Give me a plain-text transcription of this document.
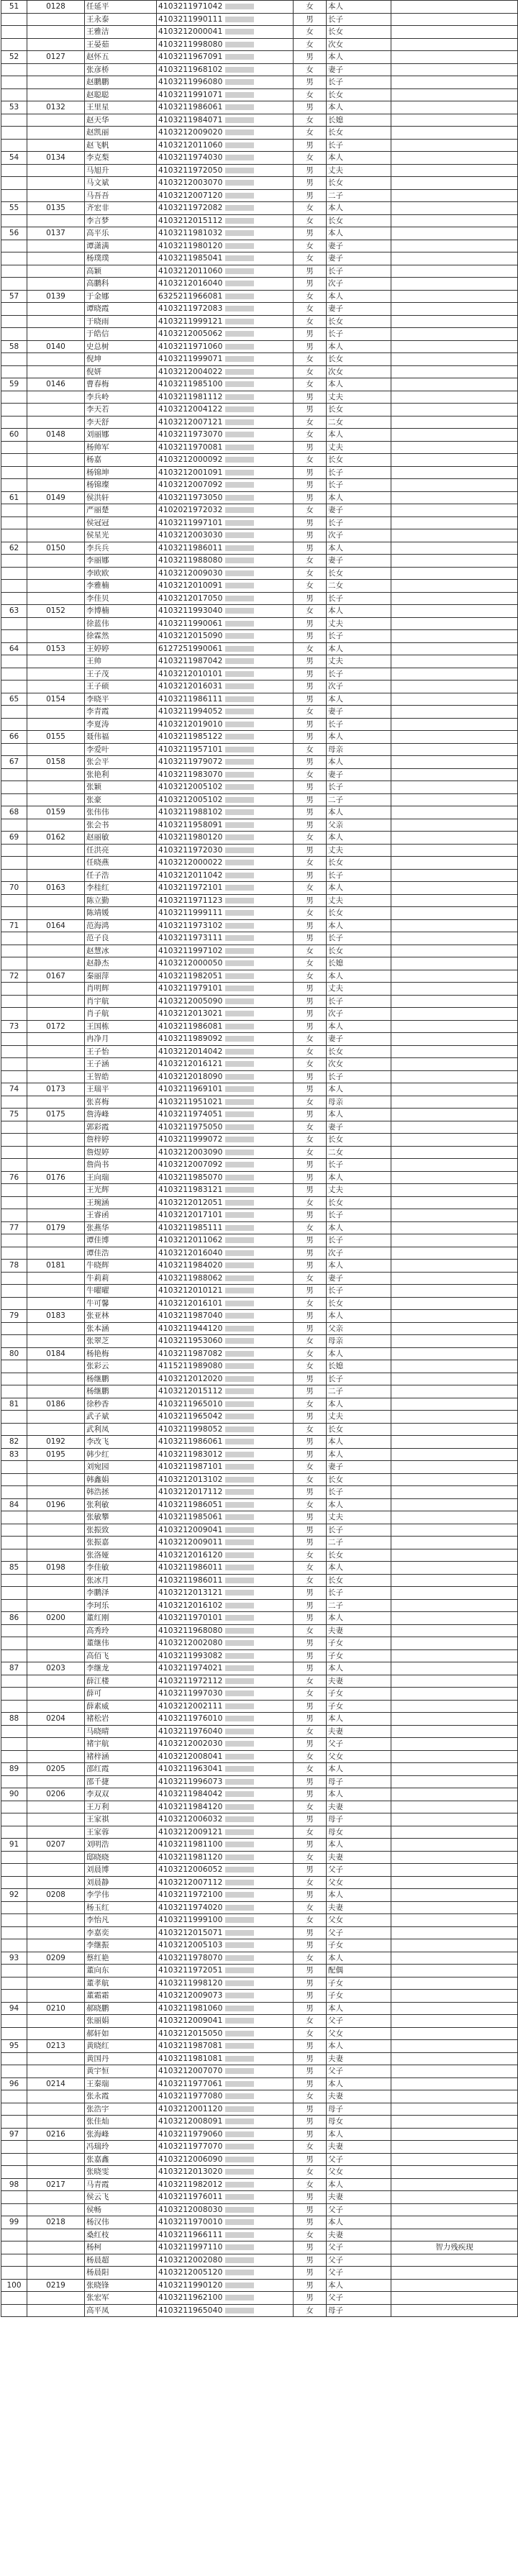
51	0128	任延平	4103211971042	女	本人	
		王永泰	4103211990111	男	长子	
		王雅洁	4103212000041	女	长女	
		王晏茹	4103211998080	女	次女	
52	0127	赵怀五	4103211967091	男	本人	
		张彦桥	4103211968102	女	妻子	
		赵鹏鹏	4103211996080	男	长子	
		赵聪聪	4103211991071	女	长女	
53	0132	王里星	4103211986061	男	本人	
		赵天华	4103211984071	女	长媳	
		赵凯丽	4103212009020	女	长女	
		赵飞帆	4103212011060	男	长子	
54	0134	李克梨	4103211974030	女	本人	
		马旭升	4103211972050	男	丈夫	
		马文斌	4103212003070	男	长女	
		马吾吾	4103212007120	男	二子	
55	0135	齐宏非	4103211972082	女	本人	
		李言梦	4103212015112	女	长女	
56	0137	高平乐	4103211981032	男	本人	
		谭潇满	4103211980120	女	妻子	
		杨璞璞	4103211985041	女	妻子	
		高颖	4103212011060	男	长子	
		高鹏科	4103212016040	男	次子	
57	0139	于金娜	6325211966081	女	本人	
		谭晓霞	4103211972083	女	妻子	
		于晓雨	4103211999121	女	长女	
		于皓信	4103212005062	男	长子	
58	0140	史总树	4103211971060	男	本人	
		倪坤	4103211999071	女	长女	
		倪妍	4103212004022	女	次女	
59	0146	曹春梅	4103211985100	女	本人	
		李兵岭	4103211981112	男	丈夫	
		李天若	4103212004122	男	长女	
		李天舒	4103212007121	女	二女	
60	0148	刘丽娜	4103211973070	女	本人	
		杨帅军	4103211970081	男	丈夫	
		杨嘉	4103212000092	女	长女	
		杨锦坤	4103212001091	男	长子	
		杨锦璨	4103212007092	男	长子	
61	0149	侯洪轩	4103211973050	男	本人	
		严丽楚	4102021972032	女	妻子	
		侯冠冠	4103211997101	男	长子	
		侯星光	4103212003030	男	次子	
62	0150	李兵兵	4103211986011	男	本人	
		李丽娜	4103211988080	女	妻子	
		李欧欧	4103212009030	女	长女	
		李雅楠	4103212010091	女	二女	
		李佳贝	4103212017050	男	长子	
63	0152	李博楠	4103211993040	女	本人	
		徐蓝伟	4103211990061	男	丈夫	
		徐霖然	4103212015090	男	长子	
64	0153	王婷婷	6127251990061	女	本人	
		王帅	4103211987042	男	丈夫	
		王子茂	4103212010101	男	长子	
		王子硕	4103212016031	男	次子	
65	0154	李晓平	4103211986111	男	本人	
		李青霞	4103211994052	女	妻子	
		李夏涛	4103212019010	男	长子	
66	0155	聂伟福	4103211985122	男	本人	
		李爱叶	4103211957101	女	母亲	
67	0158	张会平	4103211979072	男	本人	
		张艳利	4103211983070	女	妻子	
		张颖	4103212005102	男	长子	
		张豪	4103212005102	男	二子	
68	0159	张伟伟	4103211988102	男	本人	
		张会书	4103211958091	男	父亲	
69	0162	赵丽敏	4103211980120	女	本人	
		任洪亮	4103211972030	男	丈夫	
		任晓燕	4103212000022	女	长女	
		任子浩	4103212011042	男	长子	
70	0163	李桂红	4103211972101	女	本人	
		陈立勤	4103211971123	男	丈夫	
		陈靖媛	4103211999111	女	长女	
71	0164	范海鸿	4103211973102	男	本人	
		范子良	4103211973111	男	长子	
		赵慧冰	4103211997102	女	长女	
		赵静杰	4103212000050	女	长媳	
72	0167	秦丽萍	4103211982051	女	本人	
		肖明辉	4103211979101	男	丈夫	
		肖宇航	4103212005090	男	长子	
		肖子航	4103212013021	男	次子	
73	0172	王国栋	4103211986081	男	本人	
		冉净月	4103211989092	女	妻子	
		王子怡	4103212014042	女	长女	
		王子涵	4103212016121	女	次女	
		王智皓	4103212018090	男	长子	
74	0173	王瑞平	4103211969101	男	本人	
		张喜梅	4103211951021	女	母亲	
75	0175	詹涛峰	4103211974051	男	本人	
		郭彩霞	4103211975050	女	妻子	
		詹梓婷	4103211999072	女	长女	
		詹煜婷	4103212003090	女	二女	
		詹尚书	4103212007092	男	长子	
76	0176	王向瑞	4103211985070	男	本人	
		王光辉	4103211983121	男	丈夫	
		王琬涵	4103212012051	女	长女	
		王睿函	4103212017101	男	长子	
77	0179	张燕华	4103211985111	女	本人	
		谭佳博	4103212011062	男	长子	
		谭佳浩	4103212016040	男	次子	
78	0181	牛晓辉	4103211984020	男	本人	
		牛莉莉	4103211988062	女	妻子	
		牛曜曜	4103212010121	男	长子	
		牛可馨	4103212016101	女	长女	
79	0183	张亚林	4103211987040	男	本人	
		张本涵	4103211944120	男	父亲	
		张翠芝	4103211953060	女	母亲	
80	0184	杨艳梅	4103211987082	女	本人	
		张彩云	4115211989080	女	长媳	
		杨继鹏	4103212012020	男	长子	
		杨继鹏	4103212015112	男	二子	
81	0186	徐秒香	4103211965010	女	本人	
		武子斌	4103211965042	男	丈夫	
		武利凤	4103211998052	女	长女	
82	0192	李改飞	4103211986061	男	本人	
83	0195	韩少红	4103211983012	男	本人	
		刘宛园	4103211987101	女	妻子	
		韩鑫娟	4103212013102	女	长女	
		韩浩拯	4103212017112	男	长子	
84	0196	张利敏	4103211986051	女	本人	
		张敏攀	4103211985061	男	丈夫	
		张振致	4103212009041	男	长子	
		张振嘉	4103212009011	男	二子	
		张洛娅	4103212016120	女	长女	
85	0198	李佳敏	4103211986011	女	本人	
		张冰月	4103211986011	女	长女	
		李鹏泽	4103212013121	男	长子	
		李珂乐	4103212016102	男	二子	
86	0200	董红刚	4103211970101	男	本人	
		高秀玲	4103211968080	女	夫妻	
		董继伟	4103212002080	男	子女	
		高佰飞	4103211993082	男	子女	
87	0203	李继龙	4103211974021	男	本人	
		薛江楼	4103211972112	女	夫妻	
		薛可	4103211997030	女	子女	
		薛素威	4103212002111	男	子女	
88	0204	褚松岩	4103211976010	男	本人	
		马晓晴	4103211976040	女	夫妻	
		褚宇航	4103212002030	男	父子	
		褚梓涵	4103212008041	女	父女	
89	0205	邵红霞	4103211963041	女	本人	
		邵千捷	4103211996073	男	母子	
90	0206	李双双	4103211984042	男	本人	
		王万利	4103211984120	女	夫妻	
		王家祺	4103212006032	男	母子	
		王家蓉	4103212009121	女	母女	
91	0207	刘明浩	4103211981100	男	本人	
		邸晓晓	4103211981120	女	夫妻	
		刘晨博	4103212006052	男	父子	
		刘晨静	4103212007112	女	父女	
92	0208	李学伟	4103211972100	男	本人	
		杨玉红	4103211974020	女	夫妻	
		李怡凡	4103211999100	女	父女	
		李嘉奕	4103212015071	男	父子	
		李继振	4103212005103	男	子女	
93	0209	蔡红艳	4103211978070	女	本人	
		董向东	4103211972051	男	配偶	
		董孝航	4103211998120	男	子女	
		董霜霜	4103212009073	男	子女	
94	0210	郝晓鹏	4103211981060	男	本人	
		张丽娟	4103212009041	女	父子	
		郝轩如	4103212015050	女	父女	
95	0213	黄晓红	4103211987081	男	本人	
		黄国丹	4103211981081	男	夫妻	
		黄宇恒	4103212007070	男	父子	
96	0214	王秦瑞	4103211977061	男	本人	
		张永霞	4103211977080	女	夫妻	
		张浩宇	4103212001120	男	母子	
		张佳灿	4103212008091	男	母女	
97	0216	张海峰	4103211979060	男	本人	
		冯瑞玲	4103211977070	女	夫妻	
		张嘉鑫	4103212006090	男	父子	
		张晓雯	4103212013020	女	父女	
98	0217	马青霞	4103211982012	女	本人	
		侯云飞	4103211976011	男	夫妻	
		侯畅	4103212008030	男	父子	
99	0218	杨汉伟	4103211970010	男	本人	
		桑红枝	4103211966111	女	夫妻	
		杨柯	4103211997110	男	父子	智力残疾现
		杨晨超	4103212002080	男	父子	
		杨晨阳	4103212005120	男	父子	
100	0219	张晓锋	4103211990120	男	本人	
		张宏军	4103211962100	男	父子	
		高平凤	4103211965040	女	母子	
